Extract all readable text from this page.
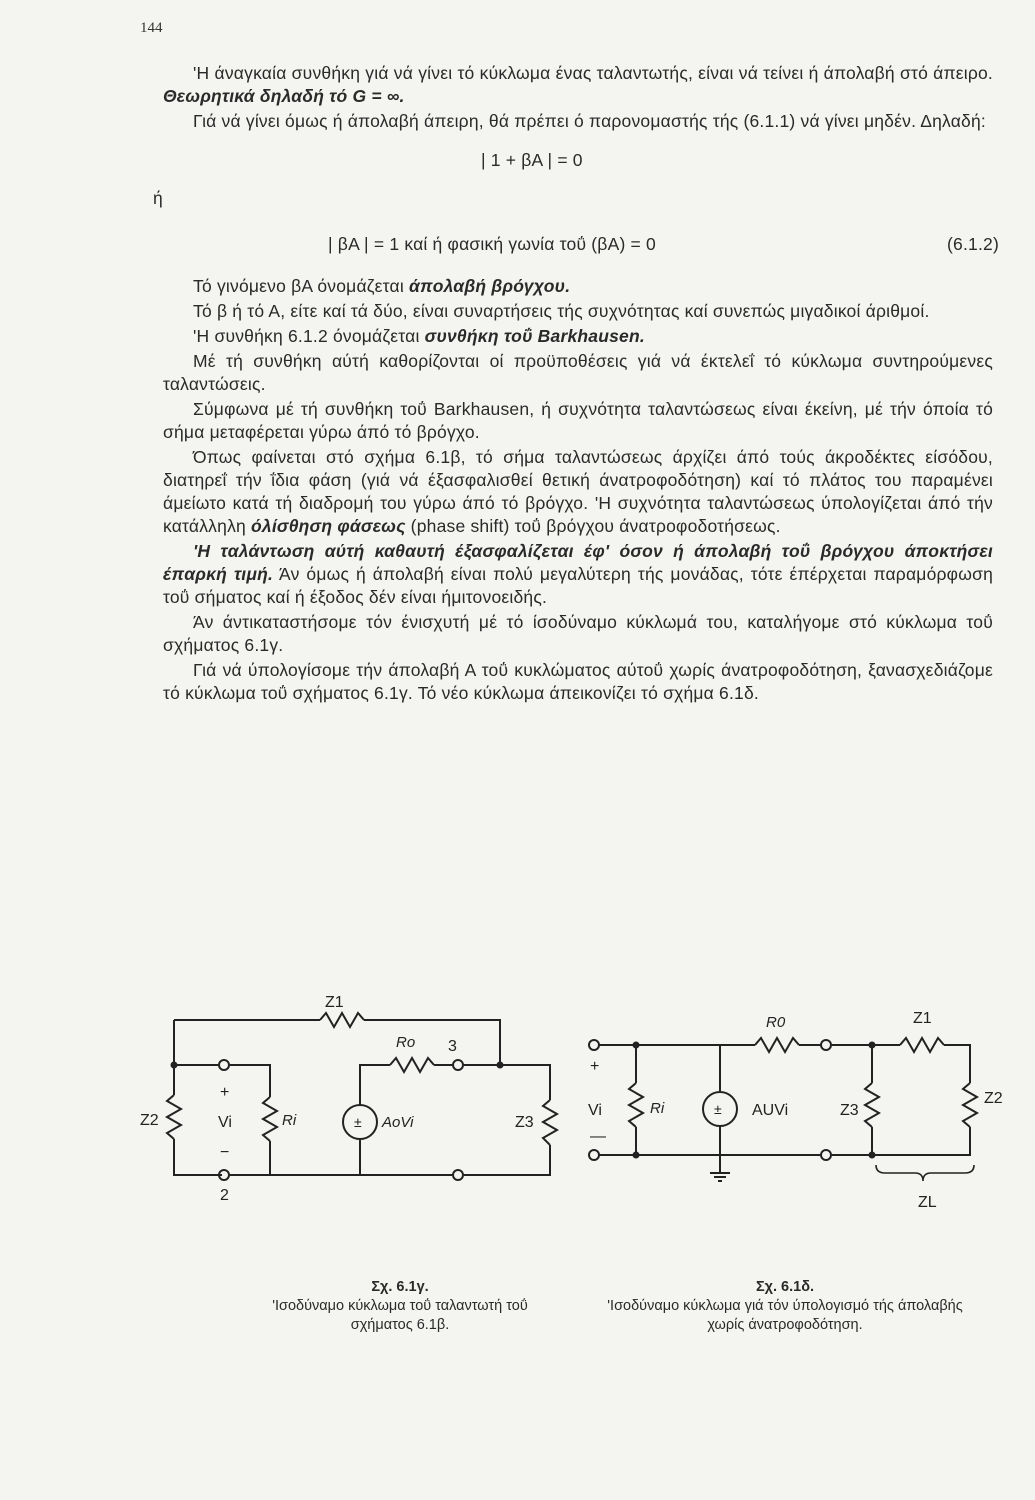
144

'Η άναγκαία συνθήκη γιά νά γίνει τό κύκλωμα ένας ταλαντωτής, είναι νά τείνει ή άπολαβή στό άπειρο. Θεωρητικά δηλαδή τό G = ∞.

Γιά νά γίνει όμως ή άπολαβή άπειρη, θά πρέπει ό παρονομαστής τής (6.1.1) νά γίνει μηδέν. Δηλαδή:

| 1 + βΑ | = 0
ή
| βΑ | = 1 καί ή φασική γωνία τοΰ (βΑ) = 0	(6.1.2)

Τό γινόμενο βΑ όνομάζεται άπολαβή βρόγχου.

Τό β ή τό Α, είτε καί τά δύο, είναι συναρτήσεις τής συχνότητας καί συνεπώς μιγαδικοί άριθμοί.

'Η συνθήκη 6.1.2 όνομάζεται συνθήκη τοΰ Barkhausen.

Μέ τή συνθήκη αύτή καθορίζονται οί προϋποθέσεις γιά νά έκτελεΐ τό κύκλωμα συντηρούμενες ταλαντώσεις.

Σύμφωνα μέ τή συνθήκη τοΰ Barkhausen, ή συχνότητα ταλαντώσεως είναι έκείνη, μέ τήν όποία τό σήμα μεταφέρεται γύρω άπό τό βρόγχο.

Όπως φαίνεται στό σχήμα 6.1β, τό σήμα ταλαντώσεως άρχίζει άπό τούς άκροδέκτες είσόδου, διατηρεΐ τήν ΐδια φάση (γιά νά έξασφαλισθεί θετική άνατροφοδότηση) καί τό πλάτος του παραμένει άμείωτο κατά τή διαδρομή του γύρω άπό τό βρόγχο. 'Η συχνότητα ταλαντώσεως ύπολογίζεται άπό τήν κατάλληλη όλίσθηση φάσεως (phase shift) τοΰ βρόγχου άνατροφοδοτήσεως.

'Η ταλάντωση αύτή καθαυτή έξασφαλίζεται έφ' όσον ή άπολαβή τοΰ βρόγχου άποκτήσει έπαρκή τιμή. Άν όμως ή άπολαβή είναι πολύ μεγαλύτερη τής μονάδας, τότε έπέρχεται παραμόρφωση τοΰ σήματος καί ή έξοδος δέν είναι ήμιτονοειδής.

Άν άντικαταστήσομε τόν ένισχυτή μέ τό ίσοδύναμο κύκλωμά του, καταλήγομε στό κύκλωμα τοΰ σχήματος 6.1γ.

Γιά νά ύπολογίσομε τήν άπολαβή Α τοΰ κυκλώματος αύτοΰ χωρίς άνατροφοδότηση, ξανασχεδιάζομε τό κύκλωμα τοΰ σχήματος 6.1γ. Τό νέο κύκλωμα άπεικονίζει τό σχήμα 6.1δ.

Z1
Z2	Z3
Ro
Ri
Vi
+
−
2
3
± AoVi
R0	Z1
Ri
Vi
+
—
± AUVi	Z3
Z2
ZL
Σχ. 6.1γ.
'Ισοδύναμο κύκλωμα τοΰ ταλαντωτή τοΰ σχήματος 6.1β.
Σχ. 6.1δ.
'Ισοδύναμο κύκλωμα γιά τόν ύπολογισμό τής άπολαβής χωρίς άνατροφοδότηση.
